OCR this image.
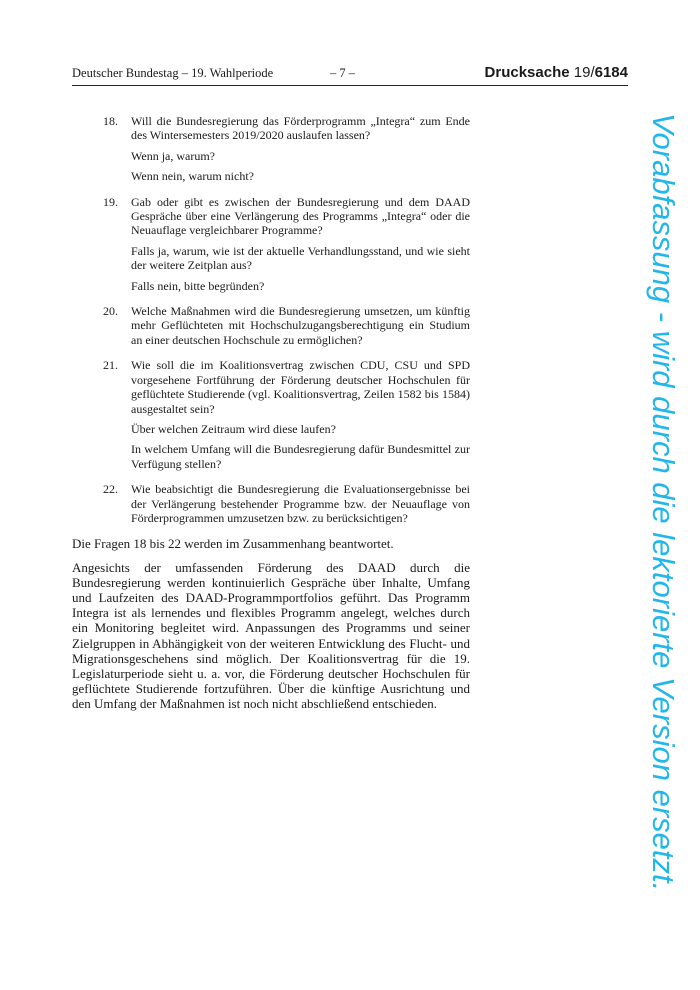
Deutscher Bundestag – 19. Wahlperiode	– 7 –	Drucksache 19/6184
18. Will die Bundesregierung das Förderprogramm „Integra“ zum Ende des Wintersemesters 2019/2020 auslaufen lassen?

Wenn ja, warum?

Wenn nein, warum nicht?

19. Gab oder gibt es zwischen der Bundesregierung und dem DAAD Gespräche über eine Verlängerung des Programms „Integra“ oder die Neuauflage vergleichbarer Programme?

Falls ja, warum, wie ist der aktuelle Verhandlungsstand, und wie sieht der weitere Zeitplan aus?

Falls nein, bitte begründen?

20. Welche Maßnahmen wird die Bundesregierung umsetzen, um künftig mehr Geflüchteten mit Hochschulzugangsberechtigung ein Studium an einer deutschen Hochschule zu ermöglichen?

21. Wie soll die im Koalitionsvertrag zwischen CDU, CSU und SPD vorgesehene Fortführung der Förderung deutscher Hochschulen für geflüchtete Studierende (vgl. Koalitionsvertrag, Zeilen 1582 bis 1584) ausgestaltet sein?

Über welchen Zeitraum wird diese laufen?

In welchem Umfang will die Bundesregierung dafür Bundesmittel zur Verfügung stellen?

22. Wie beabsichtigt die Bundesregierung die Evaluationsergebnisse bei der Verlängerung bestehender Programme bzw. der Neuauflage von Förderprogrammen umzusetzen bzw. zu berücksichtigen?

Die Fragen 18 bis 22 werden im Zusammenhang beantwortet.

Angesichts der umfassenden Förderung des DAAD durch die Bundesregierung werden kontinuierlich Gespräche über Inhalte, Umfang und Laufzeiten des DAAD-Programmportfolios geführt. Das Programm Integra ist als lernendes und flexibles Programm angelegt, welches durch ein Monitoring begleitet wird. Anpassungen des Programms und seiner Zielgruppen in Abhängigkeit von der weiteren Entwicklung des Flucht- und Migrationsgeschehens sind möglich. Der Koalitionsvertrag für die 19. Legislaturperiode sieht u. a. vor, die Förderung deutscher Hochschulen für geflüchtete Studierende fortzuführen. Über die künftige Ausrichtung und den Umfang der Maßnahmen ist noch nicht abschließend entschieden.	Vorabfassung - wird durch die lektorierte Version ersetzt.
